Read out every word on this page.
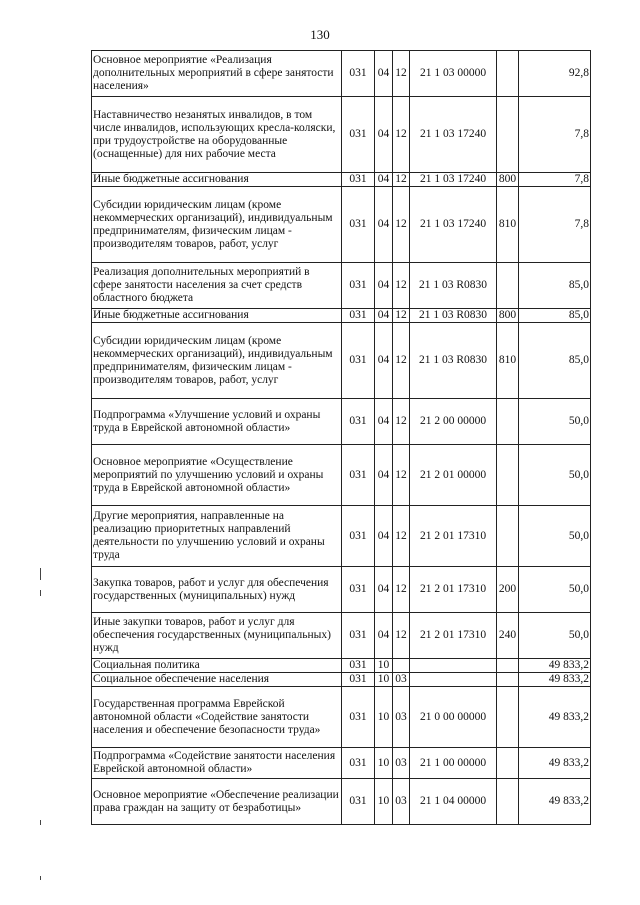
130
Основное мероприятие «Реализация дополнительных мероприятий в сфере занятости населения»	031	04	12	21 1 03 00000		92,8
Наставничество незанятых инвалидов, в том числе инвалидов, использующих кресла-коляски, при трудоустройстве на оборудованные (оснащенные) для них рабочие места	031	04	12	21 1 03 17240		7,8
Иные бюджетные ассигнования	031	04	12	21 1 03 17240	800	7,8
Субсидии юридическим лицам (кроме некоммерческих организаций), индивидуальным предпринимателям, физическим лицам - производителям товаров, работ, услуг	031	04	12	21 1 03 17240	810	7,8
Реализация дополнительных мероприятий в сфере занятости населения за счет средств областного бюджета	031	04	12	21 1 03 R0830		85,0
Иные бюджетные ассигнования	031	04	12	21 1 03 R0830	800	85,0
Субсидии юридическим лицам (кроме некоммерческих организаций), индивидуальным предпринимателям, физическим лицам - производителям товаров, работ, услуг	031	04	12	21 1 03 R0830	810	85,0
Подпрограмма «Улучшение условий и охраны труда в Еврейской автономной области»	031	04	12	21 2 00 00000		50,0
Основное мероприятие «Осуществление мероприятий по улучшению условий и охраны труда в Еврейской автономной области»	031	04	12	21 2 01 00000		50,0
Другие мероприятия, направленные на реализацию приоритетных направлений деятельности по улучшению условий и охраны труда	031	04	12	21 2 01 17310		50,0
Закупка товаров, работ и услуг для обеспечения государственных (муниципальных) нужд	031	04	12	21 2 01 17310	200	50,0
Иные закупки товаров, работ и услуг для обеспечения государственных (муниципальных) нужд	031	04	12	21 2 01 17310	240	50,0
Социальная политика	031	10				49 833,2
Социальное обеспечение населения	031	10	03			49 833,2
Государственная программа Еврейской автономной области «Содействие занятости населения и обеспечение безопасности труда»	031	10	03	21 0 00 00000		49 833,2
Подпрограмма «Содействие занятости населения Еврейской автономной области»	031	10	03	21 1 00 00000		49 833,2
Основное мероприятие «Обеспечение реализации права граждан на защиту от безработицы»	031	10	03	21 1 04 00000		49 833,2
